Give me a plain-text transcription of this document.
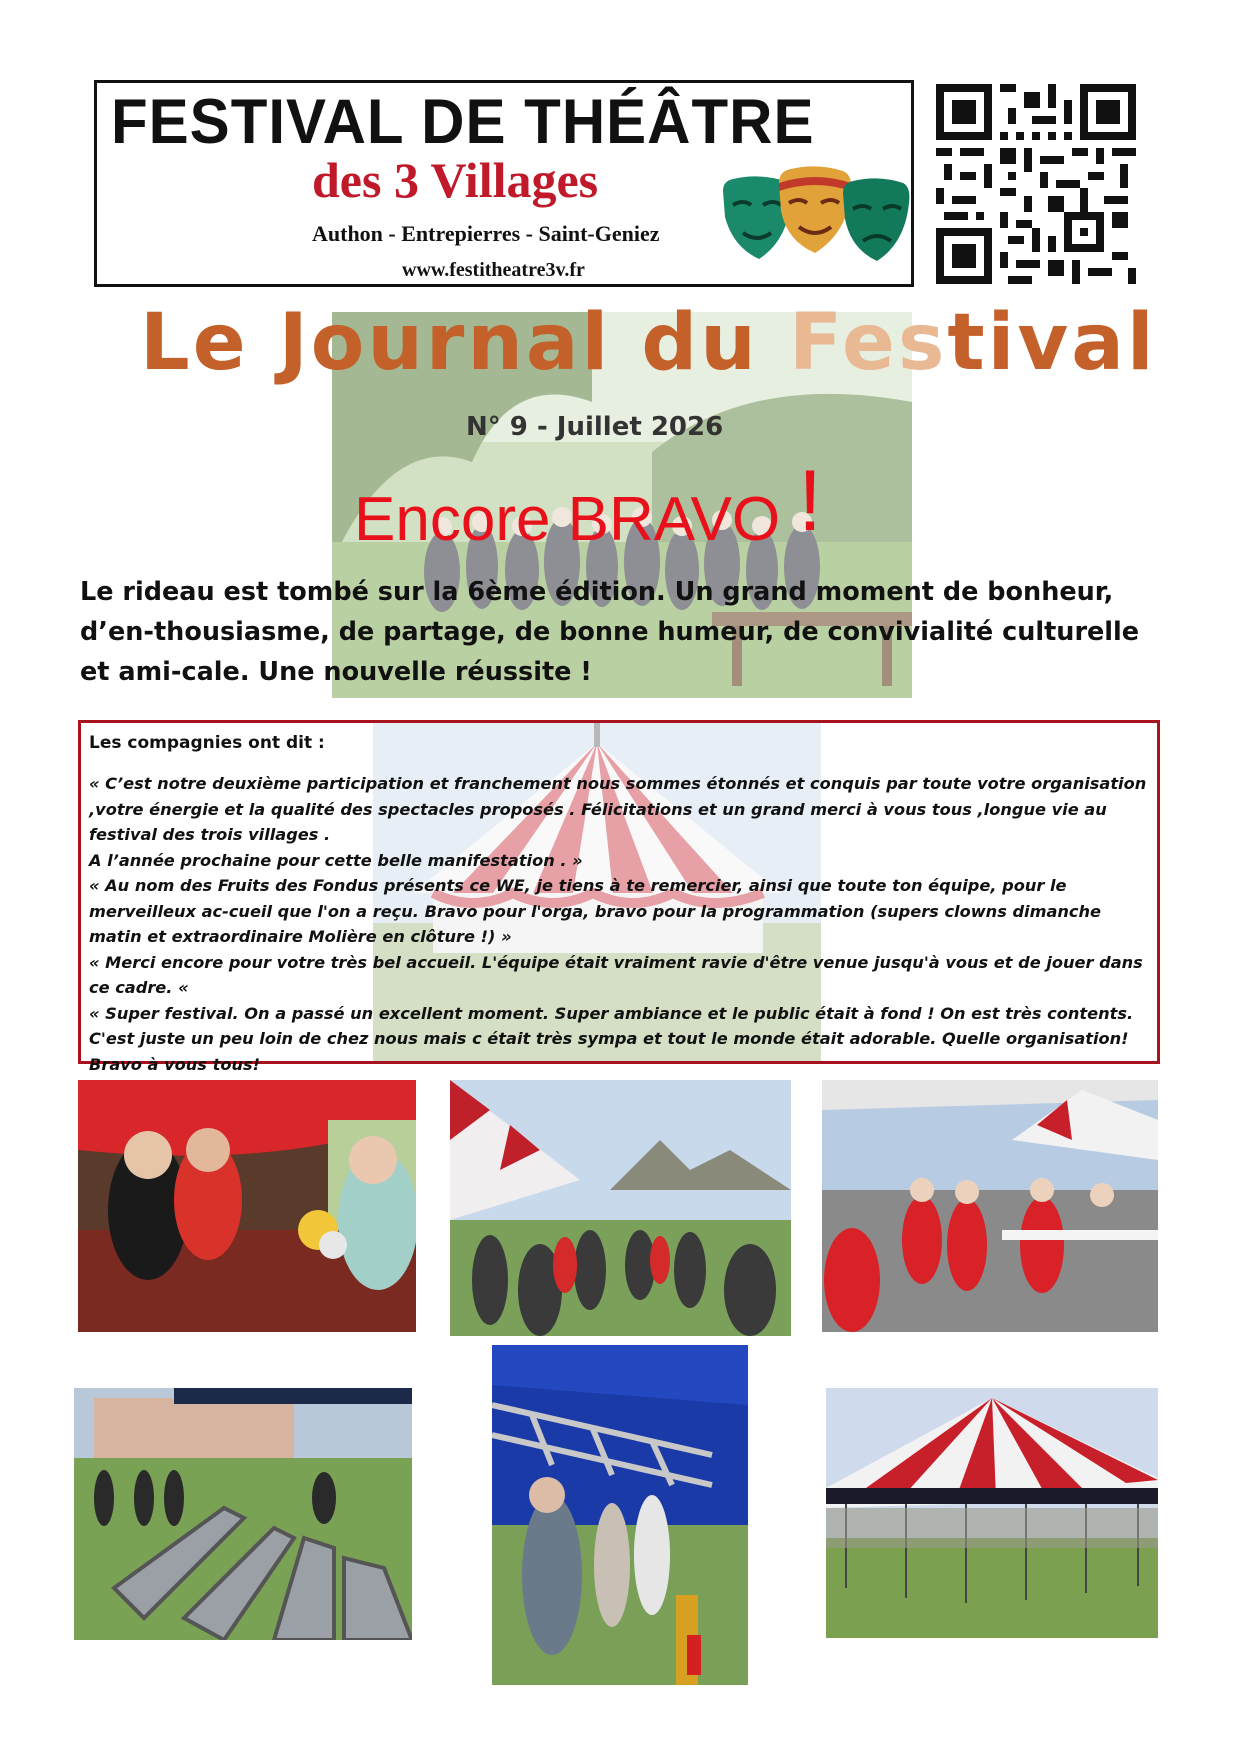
FESTIVAL DE THÉÂTRE
des 3 Villages
Authon - Entrepierres - Saint-Geniez
www.festitheatre3v.fr
Le Journal du Festival
N° 9 - Juillet 2026
Encore BRAVO !
Le rideau est tombé sur la 6ème édition. Un grand moment de bonheur, d’en-thousiasme, de partage, de bonne humeur, de convivialité culturelle et ami-cale. Une nouvelle réussite !
Les compagnies ont dit :

« C’est notre deuxième participation et franchement nous sommes étonnés et conquis par toute votre organisation ,votre énergie et la qualité des spectacles proposés . Félicitations et un grand merci à vous tous ,longue vie au festival des trois villages .

A l’année prochaine pour cette belle manifestation . »

« Au nom des Fruits des Fondus présents ce WE, je tiens à te remercier, ainsi que toute ton équipe, pour le merveilleux ac-cueil que l'on a reçu. Bravo pour l'orga, bravo pour la programmation (supers clowns dimanche matin et extraordinaire Molière en clôture !) »

« Merci encore pour votre très bel accueil. L'équipe était vraiment ravie d'être venue jusqu'à vous et de jouer dans ce cadre. «

« Super festival. On a passé un excellent moment. Super ambiance et le public était à fond ! On est très contents. C'est juste un peu loin de chez nous mais c était très sympa et tout le monde était adorable. Quelle organisation! Bravo à vous tous!
